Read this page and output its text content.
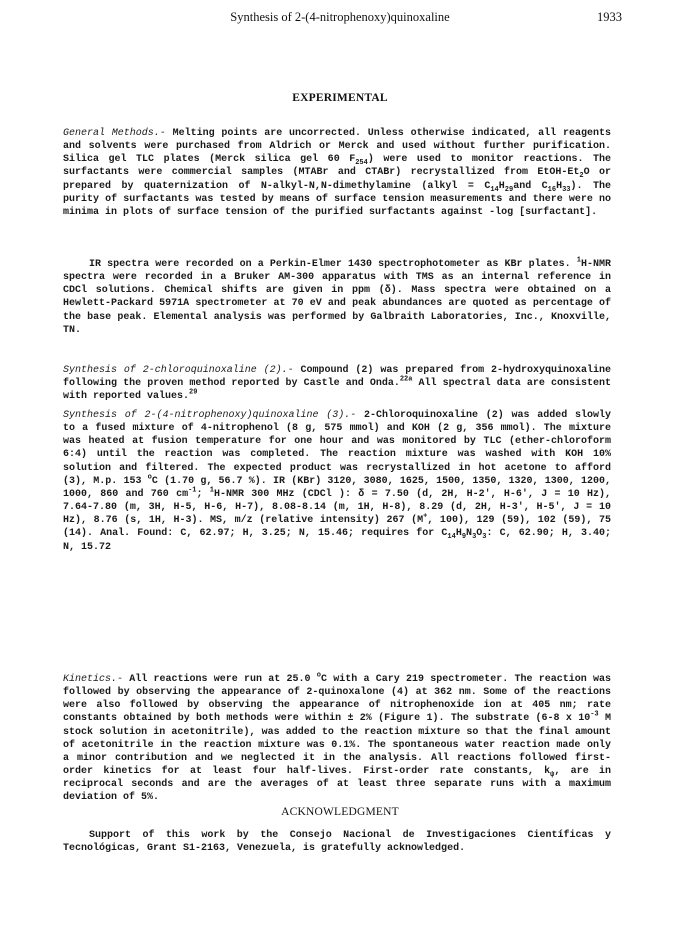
Synthesis of 2-(4-nitrophenoxy)quinoxaline	1933
EXPERIMENTAL

General Methods.- Melting points are uncorrected. Unless otherwise indicated, all reagents and solvents were purchased from Aldrich or Merck and used without further purification. Silica gel TLC plates (Merck silica gel 60 $F_{254}$) were used to monitor reactions. The surfactants were commercial samples (MTABr and CTABr) recrystallized from EtOH-$Et_2O$ or prepared by quaternization of N-alkyl-N,N-dimethylamine (alkyl = $C_{14}H_{29}and$ $C_{16}H_{33}$). The purity of surfactants was tested by means of surface tension measurements and there were no minima in plots of surface tension of the purified surfactants against -log [surfactant].

IR spectra were recorded on a Perkin-Elmer 1430 spectrophotometer as KBr plates. $^1$H-NMR spectra were recorded in a Bruker AM-300 apparatus with TMS as an internal reference in CDCl solutions. Chemical shifts are given in ppm (δ). Mass spectra were obtained on a Hewlett-Packard 5971A spectrometer at 70 eV and peak abundances are quoted as percentage of the base peak. Elemental analysis was performed by Galbraith Laboratories, Inc., Knoxville, TN.

Synthesis of 2-chloroquinoxaline (2).- Compound (2) was prepared from 2-hydroxyquinoxaline following the proven method reported by Castle and Onda.$^{22a}$ All spectral data are consistent with reported values.$^{29}$

Synthesis of 2-(4-nitrophenoxy)quinoxaline (3).- 2-Chloroquinoxaline (2) was added slowly to a fused mixture of 4-nitrophenol (8 g, 575 mmol) and KOH (2 g, 356 mmol). The mixture was heated at fusion temperature for one hour and was monitored by TLC (ether-chloroform 6:4) until the reaction was completed. The reaction mixture was washed with KOH 10% solution and filtered. The expected product was recrystallized in hot acetone to afford (3), M.p. 153 $^o$C (1.70 g, 56.7 %). IR (KBr) 3120, 3080, 1625, 1500, 1350, 1320, 1300, 1200, 1000, 860 and 760 $cm^{-1}$; $^1$H-NMR 300 MHz (CDCl ): δ = 7.50 (d, 2H, H-2', H-6', J = 10 Hz), 7.64-7.80 (m, 3H, H-5, H-6, H-7), 8.08-8.14 (m, 1H, H-8), 8.29 (d, 2H, H-3', H-5', J = 10 Hz), 8.76 (s, 1H, H-3). MS, m/z (relative intensity) 267 (M+, 100), 129 (59), 102 (59), 75 (14). Anal. Found: C, 62.97; H, 3.25; N, 15.46; requires for $C_{14}H_9N_3O_3$: C, 62.90; H, 3.40; N, 15.72

Kinetics.- All reactions were run at 25.0 $^o$C with a Cary 219 spectrometer. The reaction was followed by observing the appearance of 2-quinoxalone (4) at 362 nm. Some of the reactions were also followed by observing the appearance of nitrophenoxide ion at 405 nm; rate constants obtained by both methods were within ± 2% (Figure 1). The substrate (6-8 x $10^{-3}$ M stock solution in acetonitrile), was added to the reaction mixture so that the final amount of acetonitrile in the reaction mixture was 0.1%. The spontaneous water reaction made only a minor contribution and we neglected it in the analysis. All reactions followed first-order kinetics for at least four half-lives. First-order rate constants, $k_\psi$, are in reciprocal seconds and are the averages of at least three separate runs with a maximum deviation of 5%.

ACKNOWLEDGMENT

Support of this work by the Consejo Nacional de Investigaciones Científicas y Tecnológicas, Grant S1-2163, Venezuela, is gratefully acknowledged.
